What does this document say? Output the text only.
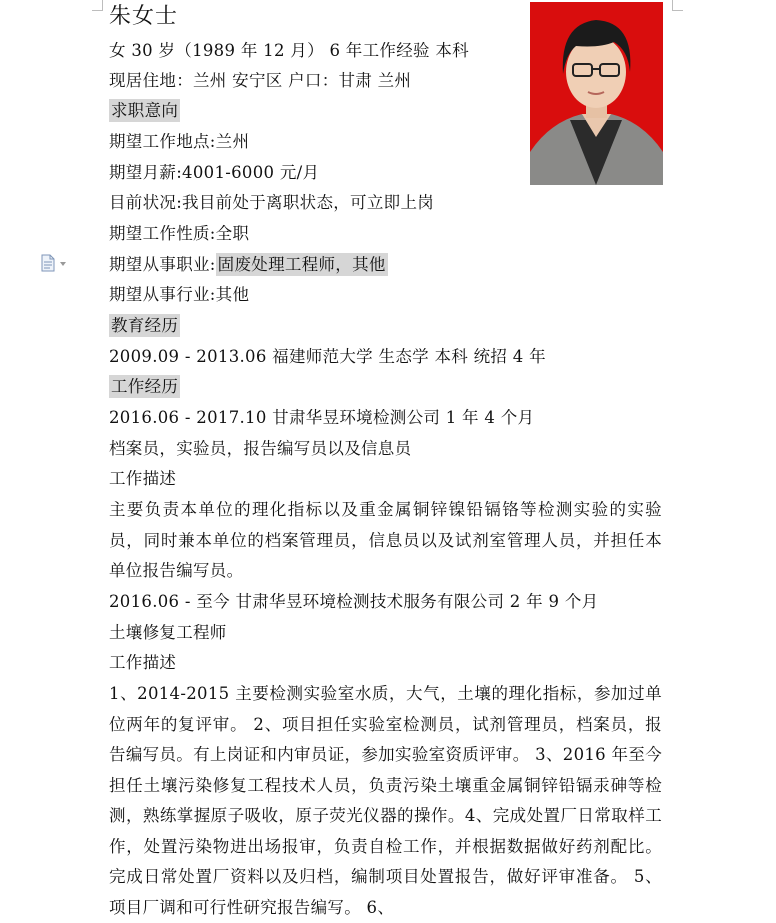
朱女士
女 30 岁（1989 年 12 月） 6 年工作经验 本科
现居住地：兰州 安宁区 户口：甘肃 兰州
求职意向
期望工作地点:兰州
期望月薪:4001-6000 元/月
目前状况:我目前处于离职状态，可立即上岗
期望工作性质:全职
期望从事职业: 固废处理工程师，其他
期望从事行业:其他
教育经历
2009.09 - 2013.06 福建师范大学 生态学 本科 统招 4 年
工作经历
2016.06 - 2017.10 甘肃华昱环境检测公司 1 年 4 个月
档案员，实验员，报告编写员以及信息员
工作描述
主要负责本单位的理化指标以及重金属铜锌镍铅镉铬等检测实验的实验员，同时兼本单位的档案管理员，信息员以及试剂室管理人员，并担任本单位报告编写员。
2016.06 - 至今 甘肃华昱环境检测技术服务有限公司 2 年 9 个月
土壤修复工程师
工作描述
1、2014-2015 主要检测实验室水质，大气，土壤的理化指标，参加过单位两年的复评审。 2、项目担任实验室检测员，试剂管理员，档案员，报告编写员。有上岗证和内审员证，参加实验室资质评审。 3、2016 年至今担任土壤污染修复工程技术人员，负责污染土壤重金属铜锌铅镉汞砷等检测，熟练掌握原子吸收，原子荧光仪器的操作。4、完成处置厂日常取样工作，处置污染物进出场报审，负责自检工作，并根据数据做好药剂配比。完成日常处置厂资料以及归档，编制项目处置报告，做好评审准备。 5、项目厂调和可行性研究报告编写。 6、
